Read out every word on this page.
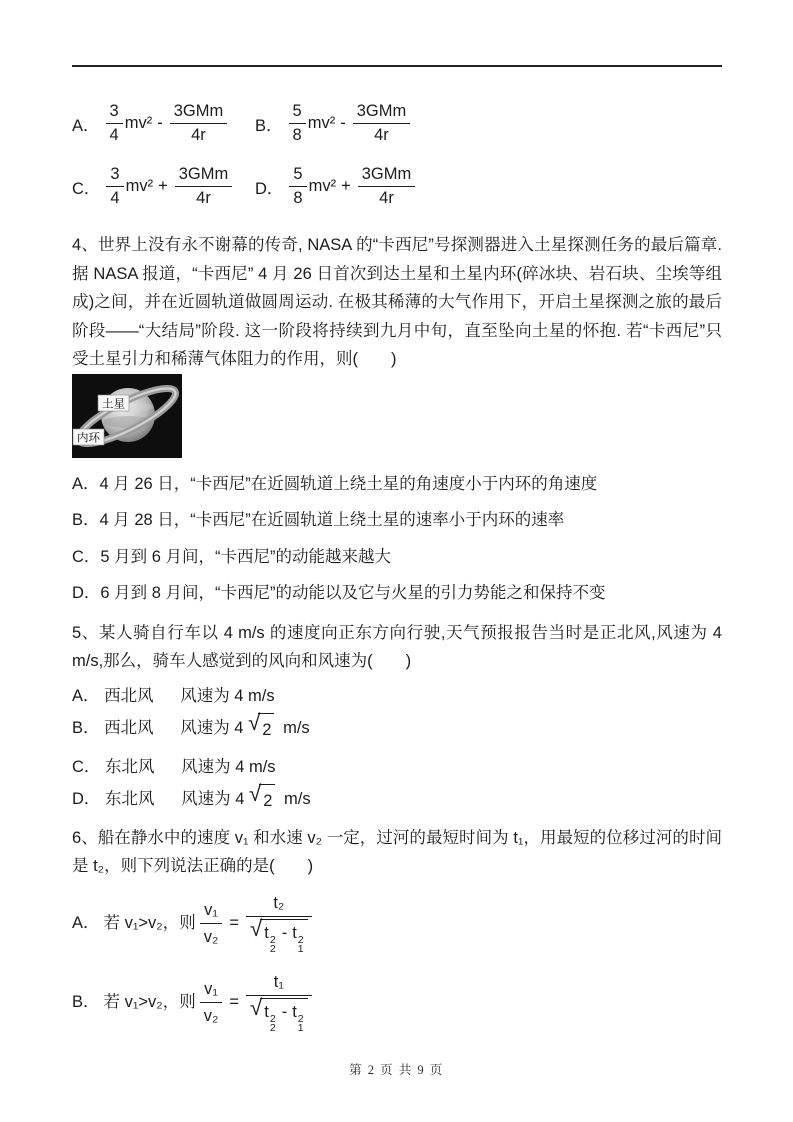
A． $\frac{3}{4} mv^2 - \frac{\text{3GMm}}{4r}$ B． $\frac{5}{8} mv^2 - \frac{\text{3GMm}}{4r}$
C． $\frac{3}{4} mv^2 + \frac{\text{3GMm}}{4r}$ D． $\frac{5}{8} mv^2 + \frac{\text{3GMm}}{4r}$

4、世界上没有永不谢幕的传奇, NASA 的“卡西尼”号探测器进入土星探测任务的最后篇章.据 NASA 报道，“卡西尼” 4 月 26 日首次到达土星和土星内环(碎冰块、岩石块、尘埃等组成)之间，并在近圆轨道做圆周运动. 在极其稀薄的大气作用下，开启土星探测之旅的最后阶段——“大结局”阶段. 这一阶段将持续到九月中旬，直至坠向土星的怀抱. 若“卡西尼”只受土星引力和稀薄气体阻力的作用，则(　　)

土星
内环

A．4 月 26 日，“卡西尼”在近圆轨道上绕土星的角速度小于内环的角速度

B．4 月 28 日，“卡西尼”在近圆轨道上绕土星的速率小于内环的速率

C．5 月到 6 月间，“卡西尼”的动能越来越大

D．6 月到 8 月间，“卡西尼”的动能以及它与火星的引力势能之和保持不变

5、某人骑自行车以 4 m/s 的速度向正东方向行驶,天气预报报告当时是正北风,风速为 4 m/s,那么，骑车人感觉到的风向和风速为(　　)

A． 西北风 风速为 4 m/s

B． 西北风 风速为 4 √ 2 m/s

C． 东北风 风速为 4 m/s

D． 东北风 风速为 4 √ 2 m/s

6、船在静水中的速度 v₁ 和水速 v₂ 一定，过河的最短时间为 t₁，用最短的位移过河的时间是 t₂，则下列说法正确的是(　　)

A． 若 v₁>v₂，则 $\frac{\text{v₁}}{\text{v₂}} = t_2$
√ t 2
2
- t 2
1
B． 若 v₁>v₂，则 $\frac{\text{v₁}}{\text{v₂}} = t_1$
√ t 2
2
- t 2
1
第 2 页 共 9 页
